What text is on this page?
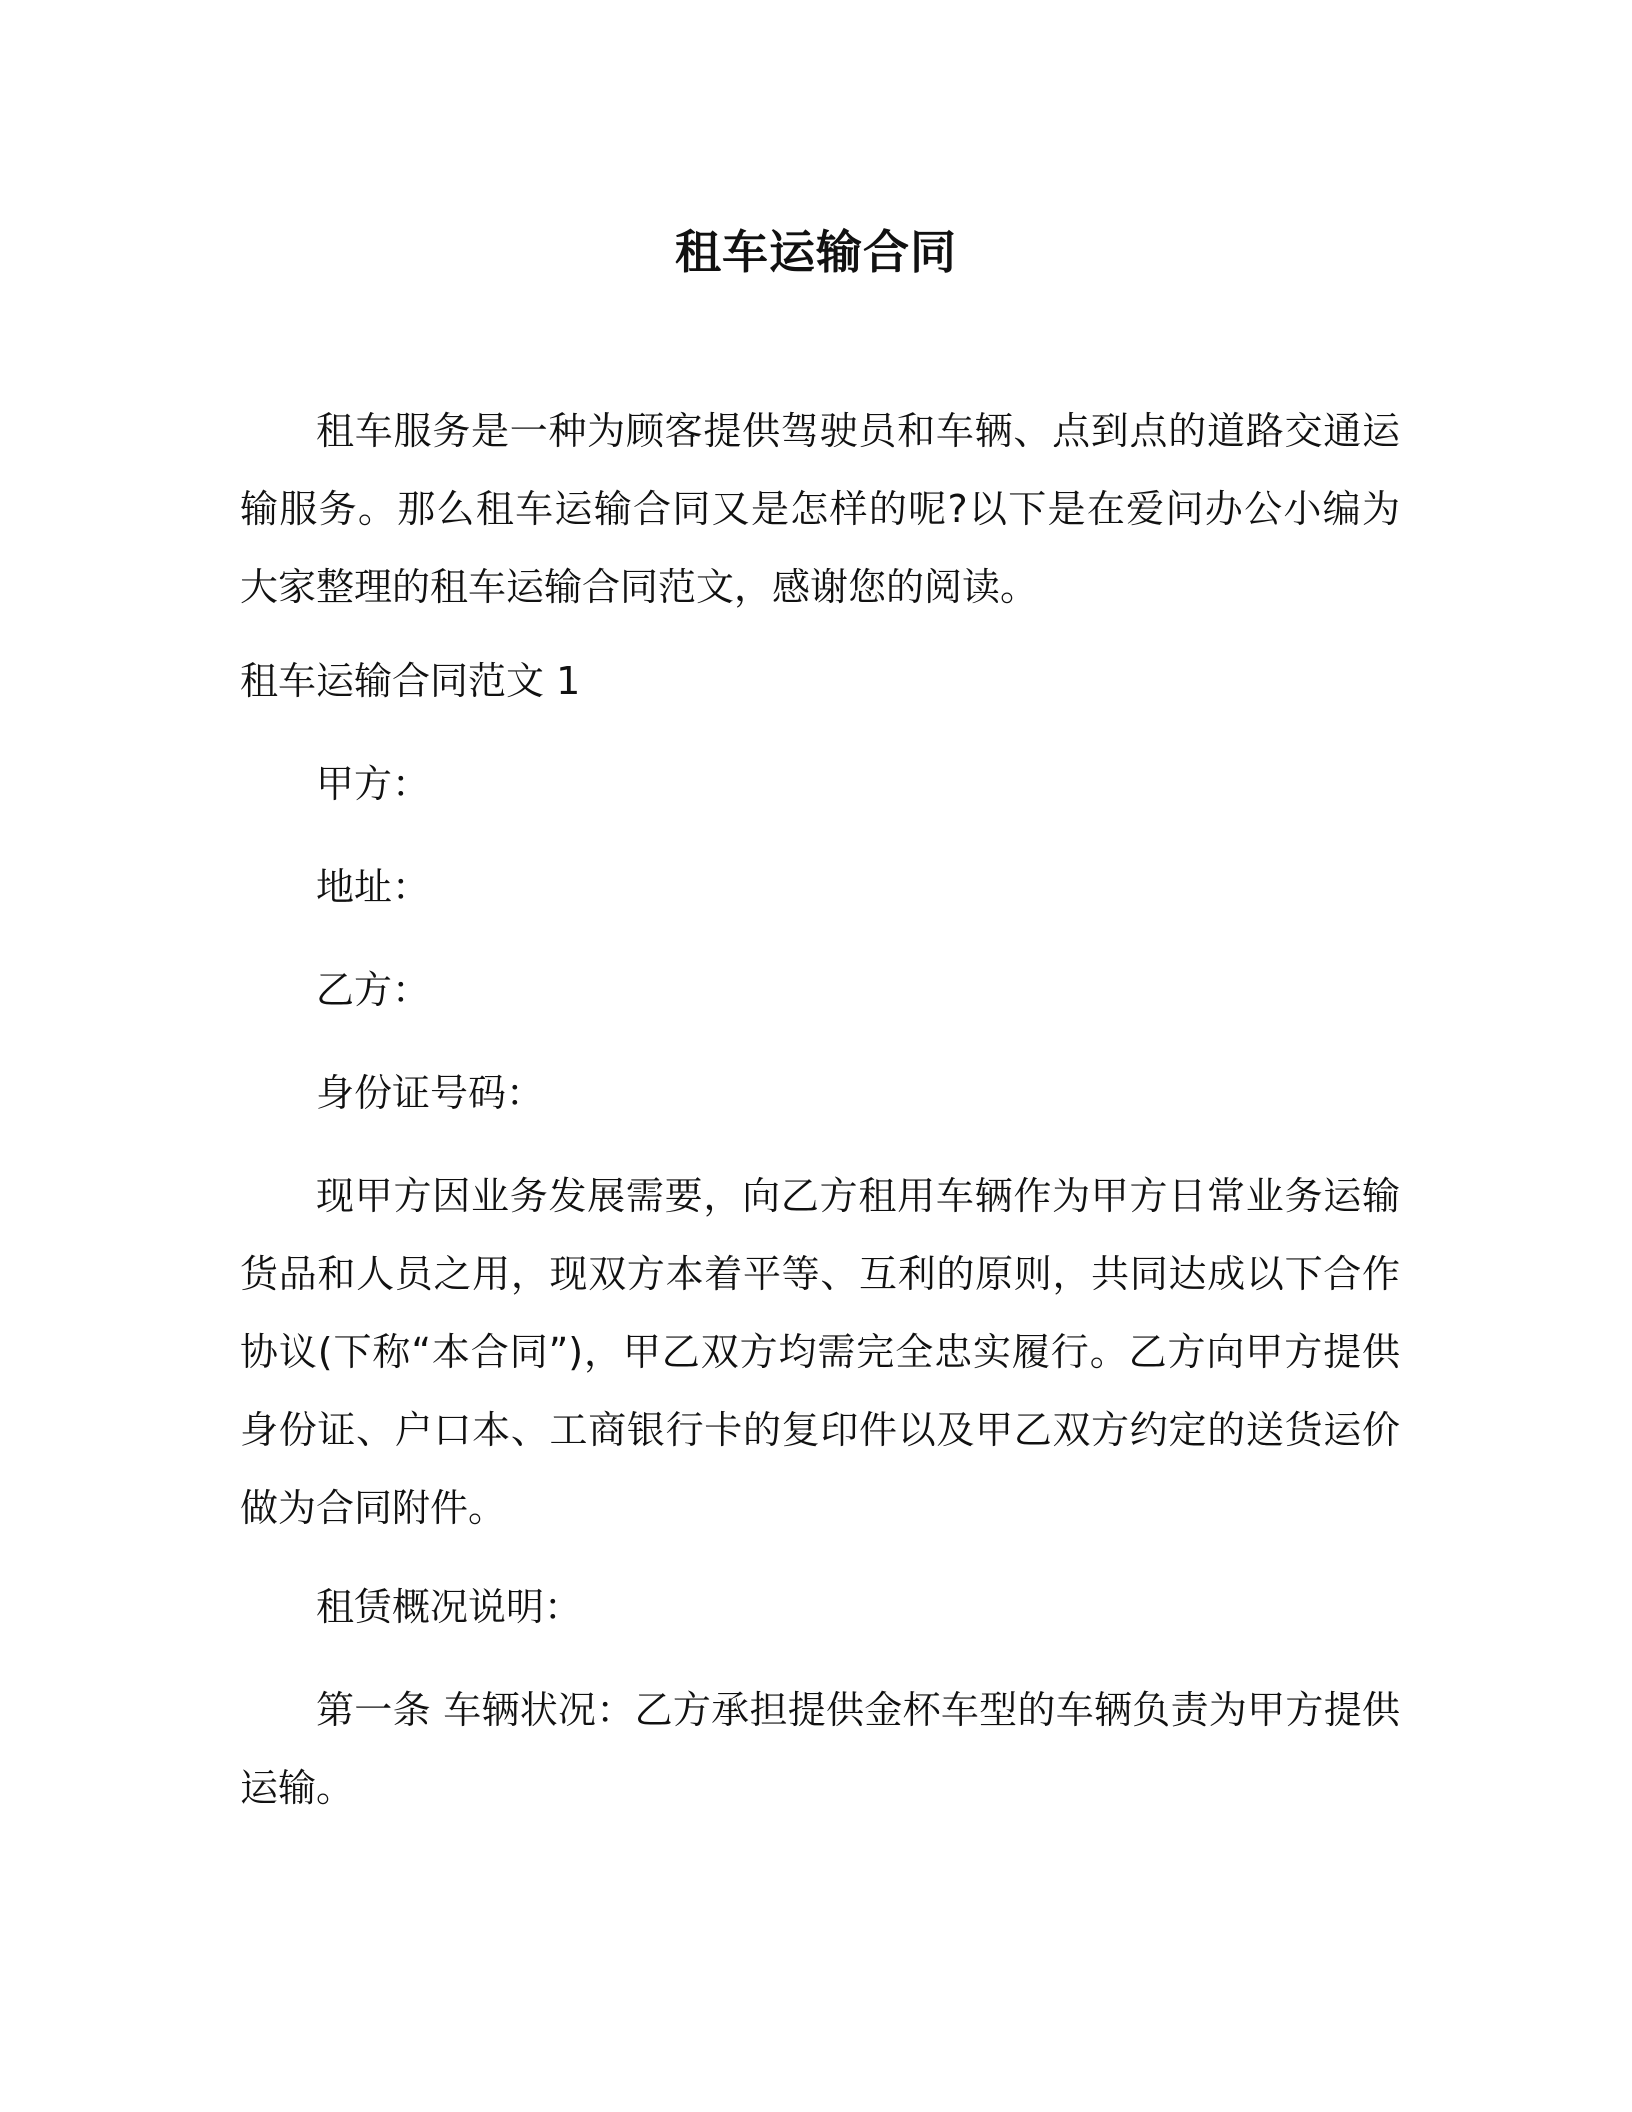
租车运输合同

租车服务是一种为顾客提供驾驶员和车辆、点到点的道路交通运输服务。那么租车运输合同又是怎样的呢?以下是在爱问办公小编为大家整理的租车运输合同范文，感谢您的阅读。

租车运输合同范文 1

甲方：

地址：

乙方：

身份证号码：

现甲方因业务发展需要，向乙方租用车辆作为甲方日常业务运输货品和人员之用，现双方本着平等、互利的原则，共同达成以下合作协议(下称“本合同”)，甲乙双方均需完全忠实履行。乙方向甲方提供身份证、户口本、工商银行卡的复印件以及甲乙双方约定的送货运价做为合同附件。

租赁概况说明：

第一条 车辆状况：乙方承担提供金杯车型的车辆负责为甲方提供运输。
